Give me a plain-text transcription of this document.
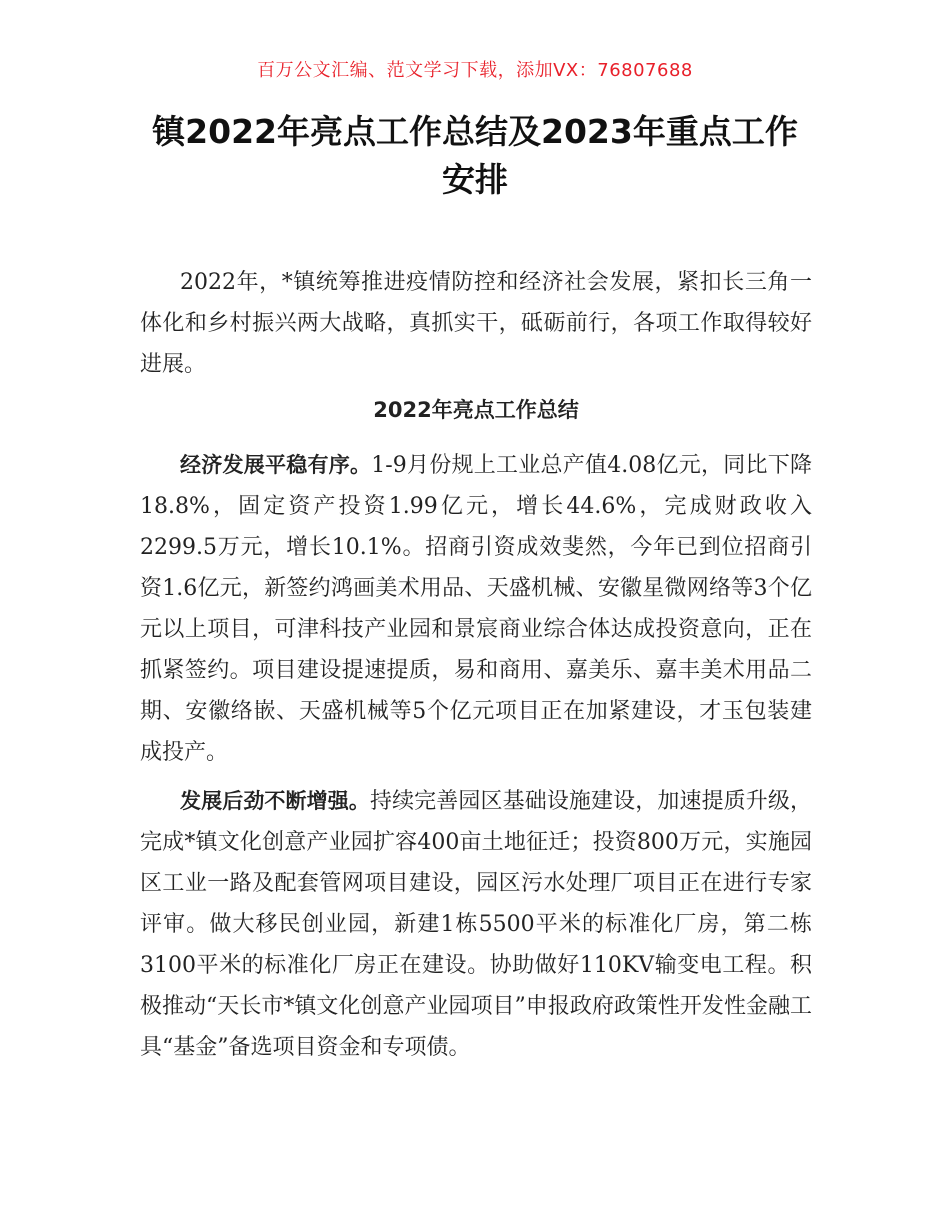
百万公文汇编、范文学习下载，添加VX：76807688
镇2022年亮点工作总结及2023年重点工作安排

2022年，*镇统筹推进疫情防控和经济社会发展，紧扣长三角一体化和乡村振兴两大战略，真抓实干，砥砺前行，各项工作取得较好进展。

2022年亮点工作总结

经济发展平稳有序。1-9月份规上工业总产值4.08亿元，同比下降18.8%，固定资产投资1.99亿元，增长44.6%，完成财政收入2299.5万元，增长10.1%。招商引资成效斐然，今年已到位招商引资1.6亿元，新签约鸿画美术用品、天盛机械、安徽星微网络等3个亿元以上项目，可津科技产业园和景宸商业综合体达成投资意向，正在抓紧签约。项目建设提速提质，易和商用、嘉美乐、嘉丰美术用品二期、安徽络嵌、天盛机械等5个亿元项目正在加紧建设，才玉包装建成投产。

发展后劲不断增强。持续完善园区基础设施建设，加速提质升级，完成*镇文化创意产业园扩容400亩土地征迁；投资800万元，实施园区工业一路及配套管网项目建设，园区污水处理厂项目正在进行专家评审。做大移民创业园，新建1栋5500平米的标准化厂房，第二栋3100平米的标准化厂房正在建设。协助做好110KV输变电工程。积极推动“天长市*镇文化创意产业园项目”申报政府政策性开发性金融工具“基金”备选项目资金和专项债。
